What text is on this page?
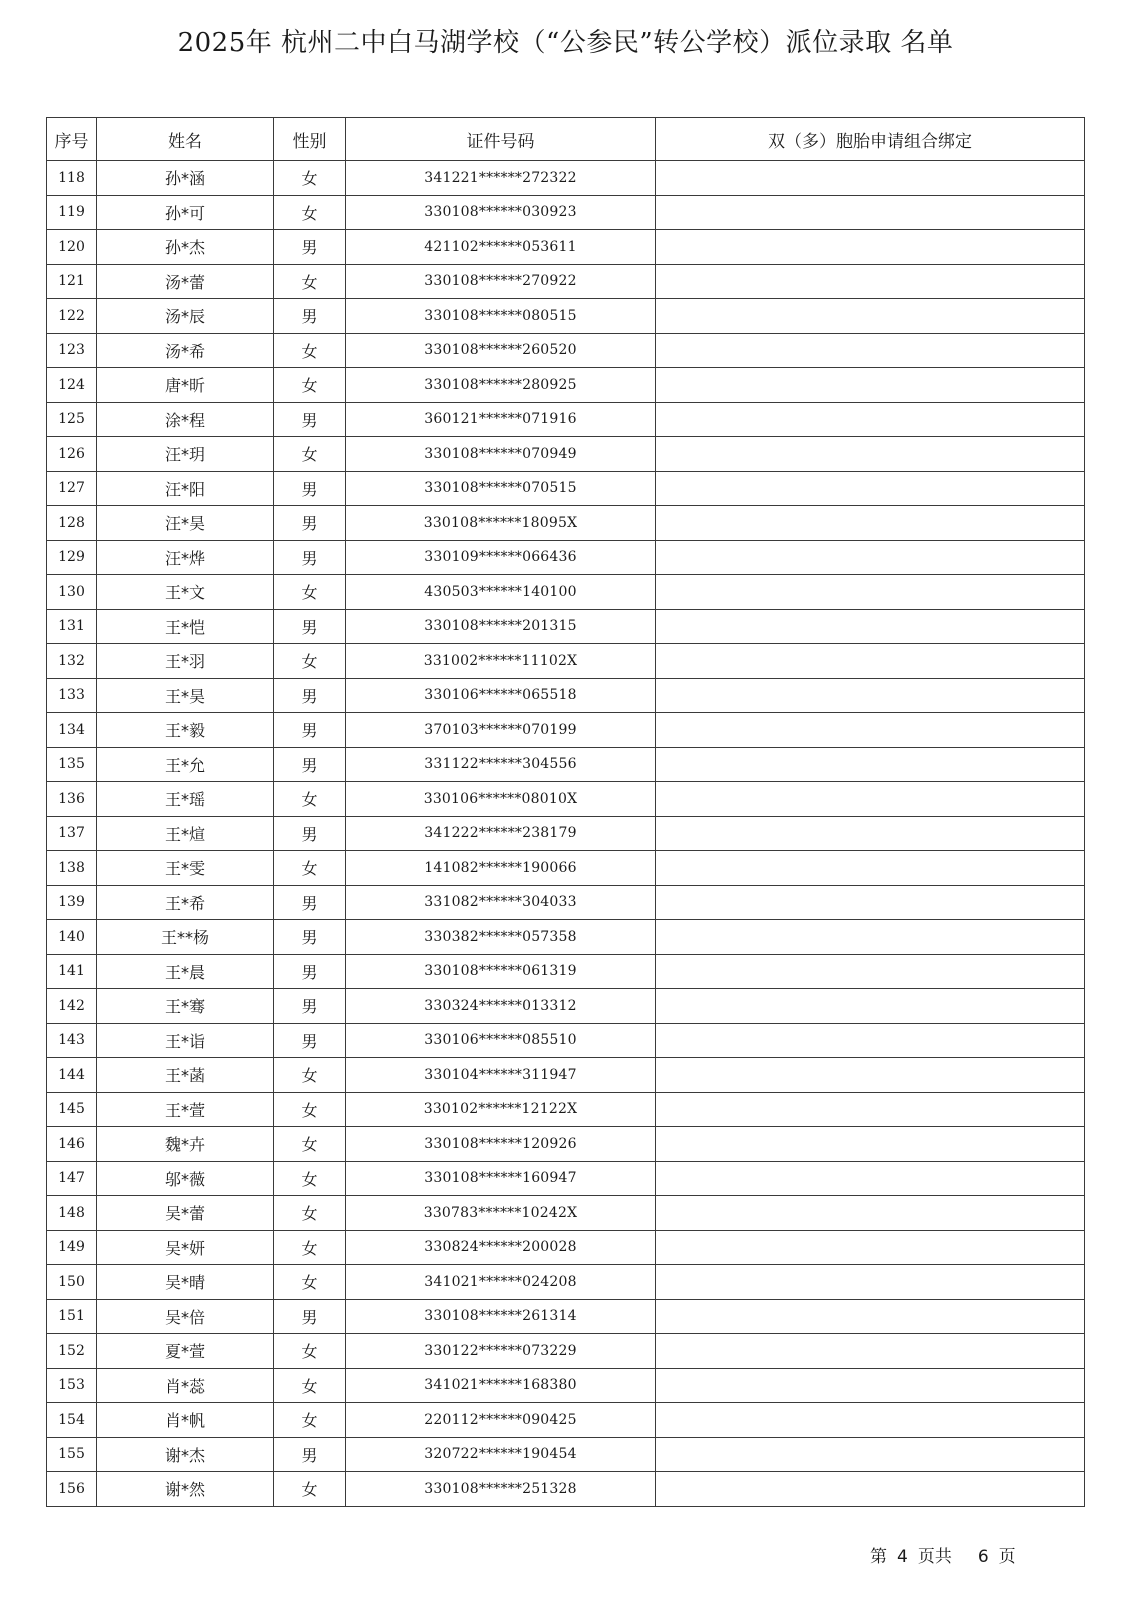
2025年 杭州二中白马湖学校（“公参民”转公学校）派位录取 名单
序号	姓名	性别	证件号码	双（多）胞胎申请组合绑定
118	孙*涵	女	341221******272322	
119	孙*可	女	330108******030923	
120	孙*杰	男	421102******053611	
121	汤*蕾	女	330108******270922	
122	汤*辰	男	330108******080515	
123	汤*希	女	330108******260520	
124	唐*昕	女	330108******280925	
125	涂*程	男	360121******071916	
126	汪*玥	女	330108******070949	
127	汪*阳	男	330108******070515	
128	汪*昊	男	330108******18095X	
129	汪*烨	男	330109******066436	
130	王*文	女	430503******140100	
131	王*恺	男	330108******201315	
132	王*羽	女	331002******11102X	
133	王*昊	男	330106******065518	
134	王*毅	男	370103******070199	
135	王*允	男	331122******304556	
136	王*瑶	女	330106******08010X	
137	王*煊	男	341222******238179	
138	王*雯	女	141082******190066	
139	王*希	男	331082******304033	
140	王**杨	男	330382******057358	
141	王*晨	男	330108******061319	
142	王*骞	男	330324******013312	
143	王*诣	男	330106******085510	
144	王*菡	女	330104******311947	
145	王*萱	女	330102******12122X	
146	魏*卉	女	330108******120926	
147	邬*薇	女	330108******160947	
148	吴*蕾	女	330783******10242X	
149	吴*妍	女	330824******200028	
150	吴*晴	女	341021******024208	
151	吴*倍	男	330108******261314	
152	夏*萱	女	330122******073229	
153	肖*蕊	女	341021******168380	
154	肖*帆	女	220112******090425	
155	谢*杰	男	320722******190454	
156	谢*然	女	330108******251328	
第 4 页共 6 页
